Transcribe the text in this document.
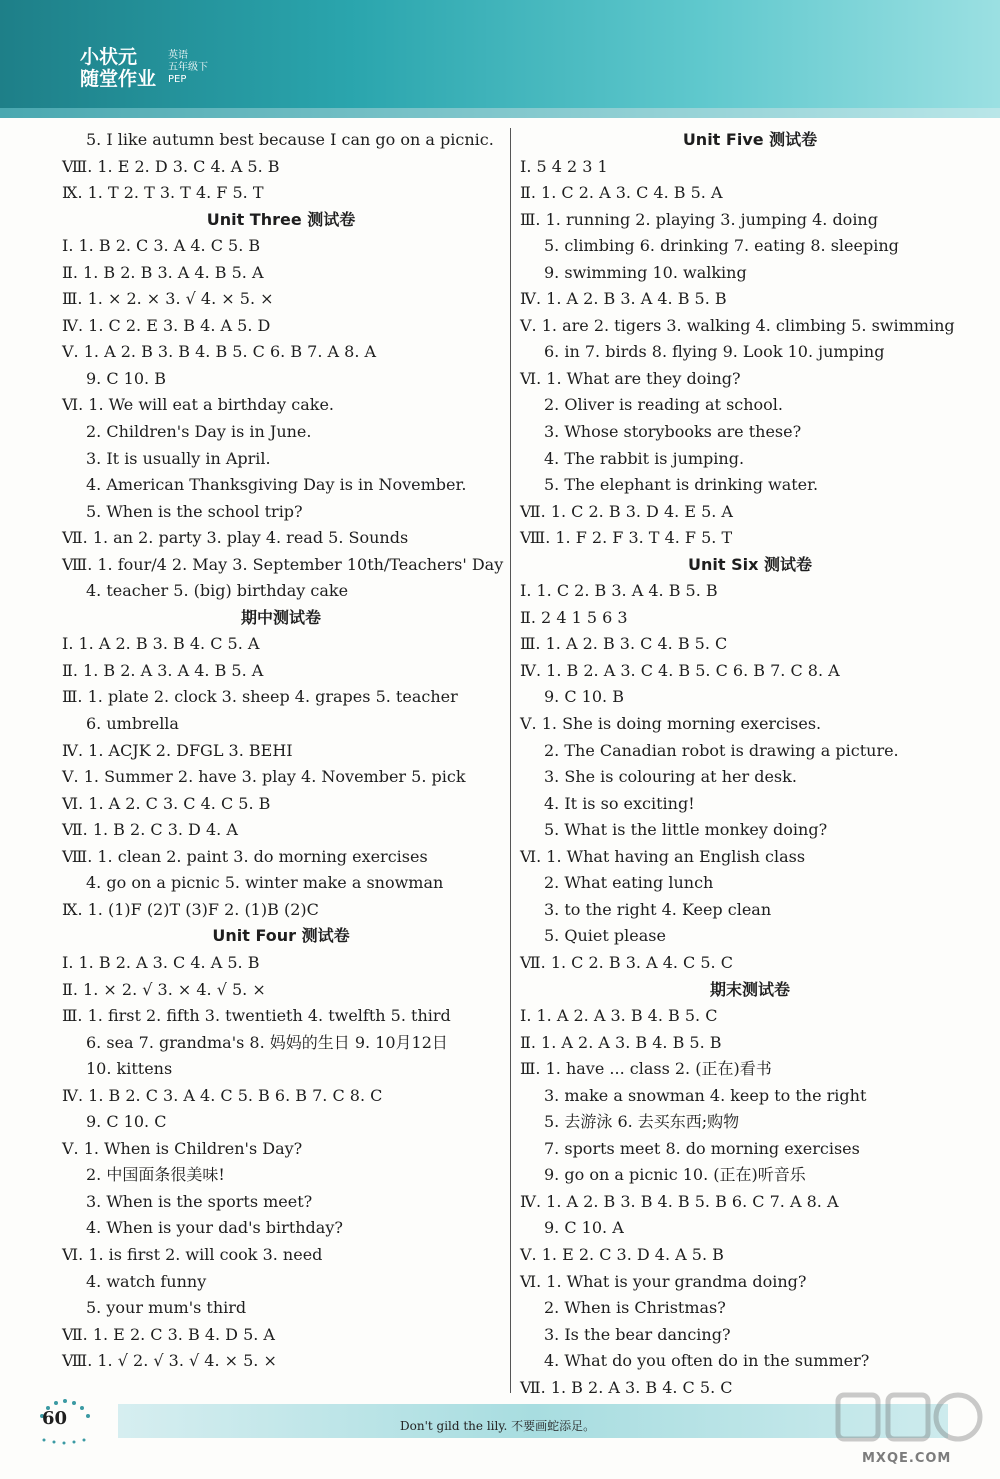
小状元
随堂作业
英语
五年级下
PEP
5. I like autumn best because I can go on a picnic.
Ⅷ. 1. E 2. D 3. C 4. A 5. B
Ⅸ. 1. T 2. T 3. T 4. F 5. T
Unit Three 测试卷
Ⅰ. 1. B 2. C 3. A 4. C 5. B
Ⅱ. 1. B 2. B 3. A 4. B 5. A
Ⅲ. 1. × 2. × 3. √ 4. × 5. ×
Ⅳ. 1. C 2. E 3. B 4. A 5. D
Ⅴ. 1. A 2. B 3. B 4. B 5. C 6. B 7. A 8. A
9. C 10. B
Ⅵ. 1. We will eat a birthday cake.
2. Children's Day is in June.
3. It is usually in April.
4. American Thanksgiving Day is in November.
5. When is the school trip?
Ⅶ. 1. an 2. party 3. play 4. read 5. Sounds
Ⅷ. 1. four/4 2. May 3. September 10th/Teachers' Day
4. teacher 5. (big) birthday cake
期中测试卷
Ⅰ. 1. A 2. B 3. B 4. C 5. A
Ⅱ. 1. B 2. A 3. A 4. B 5. A
Ⅲ. 1. plate 2. clock 3. sheep 4. grapes 5. teacher
6. umbrella
Ⅳ. 1. ACJK 2. DFGL 3. BEHI
Ⅴ. 1. Summer 2. have 3. play 4. November 5. pick
Ⅵ. 1. A 2. C 3. C 4. C 5. B
Ⅶ. 1. B 2. C 3. D 4. A
Ⅷ. 1. clean 2. paint 3. do morning exercises
4. go on a picnic 5. winter make a snowman
Ⅸ. 1. (1)F (2)T (3)F 2. (1)B (2)C
Unit Four 测试卷
Ⅰ. 1. B 2. A 3. C 4. A 5. B
Ⅱ. 1. × 2. √ 3. × 4. √ 5. ×
Ⅲ. 1. first 2. fifth 3. twentieth 4. twelfth 5. third
6. sea 7. grandma's 8. 妈妈的生日 9. 10月12日
10. kittens
Ⅳ. 1. B 2. C 3. A 4. C 5. B 6. B 7. C 8. C
9. C 10. C
Ⅴ. 1. When is Children's Day?
2. 中国面条很美味!
3. When is the sports meet?
4. When is your dad's birthday?
Ⅵ. 1. is first 2. will cook 3. need
4. watch funny
5. your mum's third
Ⅶ. 1. E 2. C 3. B 4. D 5. A
Ⅷ. 1. √ 2. √ 3. √ 4. × 5. ×
Unit Five 测试卷
Ⅰ. 5 4 2 3 1
Ⅱ. 1. C 2. A 3. C 4. B 5. A
Ⅲ. 1. running 2. playing 3. jumping 4. doing
5. climbing 6. drinking 7. eating 8. sleeping
9. swimming 10. walking
Ⅳ. 1. A 2. B 3. A 4. B 5. B
Ⅴ. 1. are 2. tigers 3. walking 4. climbing 5. swimming
6. in 7. birds 8. flying 9. Look 10. jumping
Ⅵ. 1. What are they doing?
2. Oliver is reading at school.
3. Whose storybooks are these?
4. The rabbit is jumping.
5. The elephant is drinking water.
Ⅶ. 1. C 2. B 3. D 4. E 5. A
Ⅷ. 1. F 2. F 3. T 4. F 5. T
Unit Six 测试卷
Ⅰ. 1. C 2. B 3. A 4. B 5. B
Ⅱ. 2 4 1 5 6 3
Ⅲ. 1. A 2. B 3. C 4. B 5. C
Ⅳ. 1. B 2. A 3. C 4. B 5. C 6. B 7. C 8. A
9. C 10. B
Ⅴ. 1. She is doing morning exercises.
2. The Canadian robot is drawing a picture.
3. She is colouring at her desk.
4. It is so exciting!
5. What is the little monkey doing?
Ⅵ. 1. What having an English class
2. What eating lunch
3. to the right 4. Keep clean
5. Quiet please
Ⅶ. 1. C 2. B 3. A 4. C 5. C
期末测试卷
Ⅰ. 1. A 2. A 3. B 4. B 5. C
Ⅱ. 1. A 2. A 3. B 4. B 5. B
Ⅲ. 1. have ... class 2. (正在)看书
3. make a snowman 4. keep to the right
5. 去游泳 6. 去买东西;购物
7. sports meet 8. do morning exercises
9. go on a picnic 10. (正在)听音乐
Ⅳ. 1. A 2. B 3. B 4. B 5. B 6. C 7. A 8. A
9. C 10. A
Ⅴ. 1. E 2. C 3. D 4. A 5. B
Ⅵ. 1. What is your grandma doing?
2. When is Christmas?
3. Is the bear dancing?
4. What do you often do in the summer?
Ⅶ. 1. B 2. A 3. B 4. C 5. C
60	Don't gild the lily. 不要画蛇添足。
MXQE.COM
